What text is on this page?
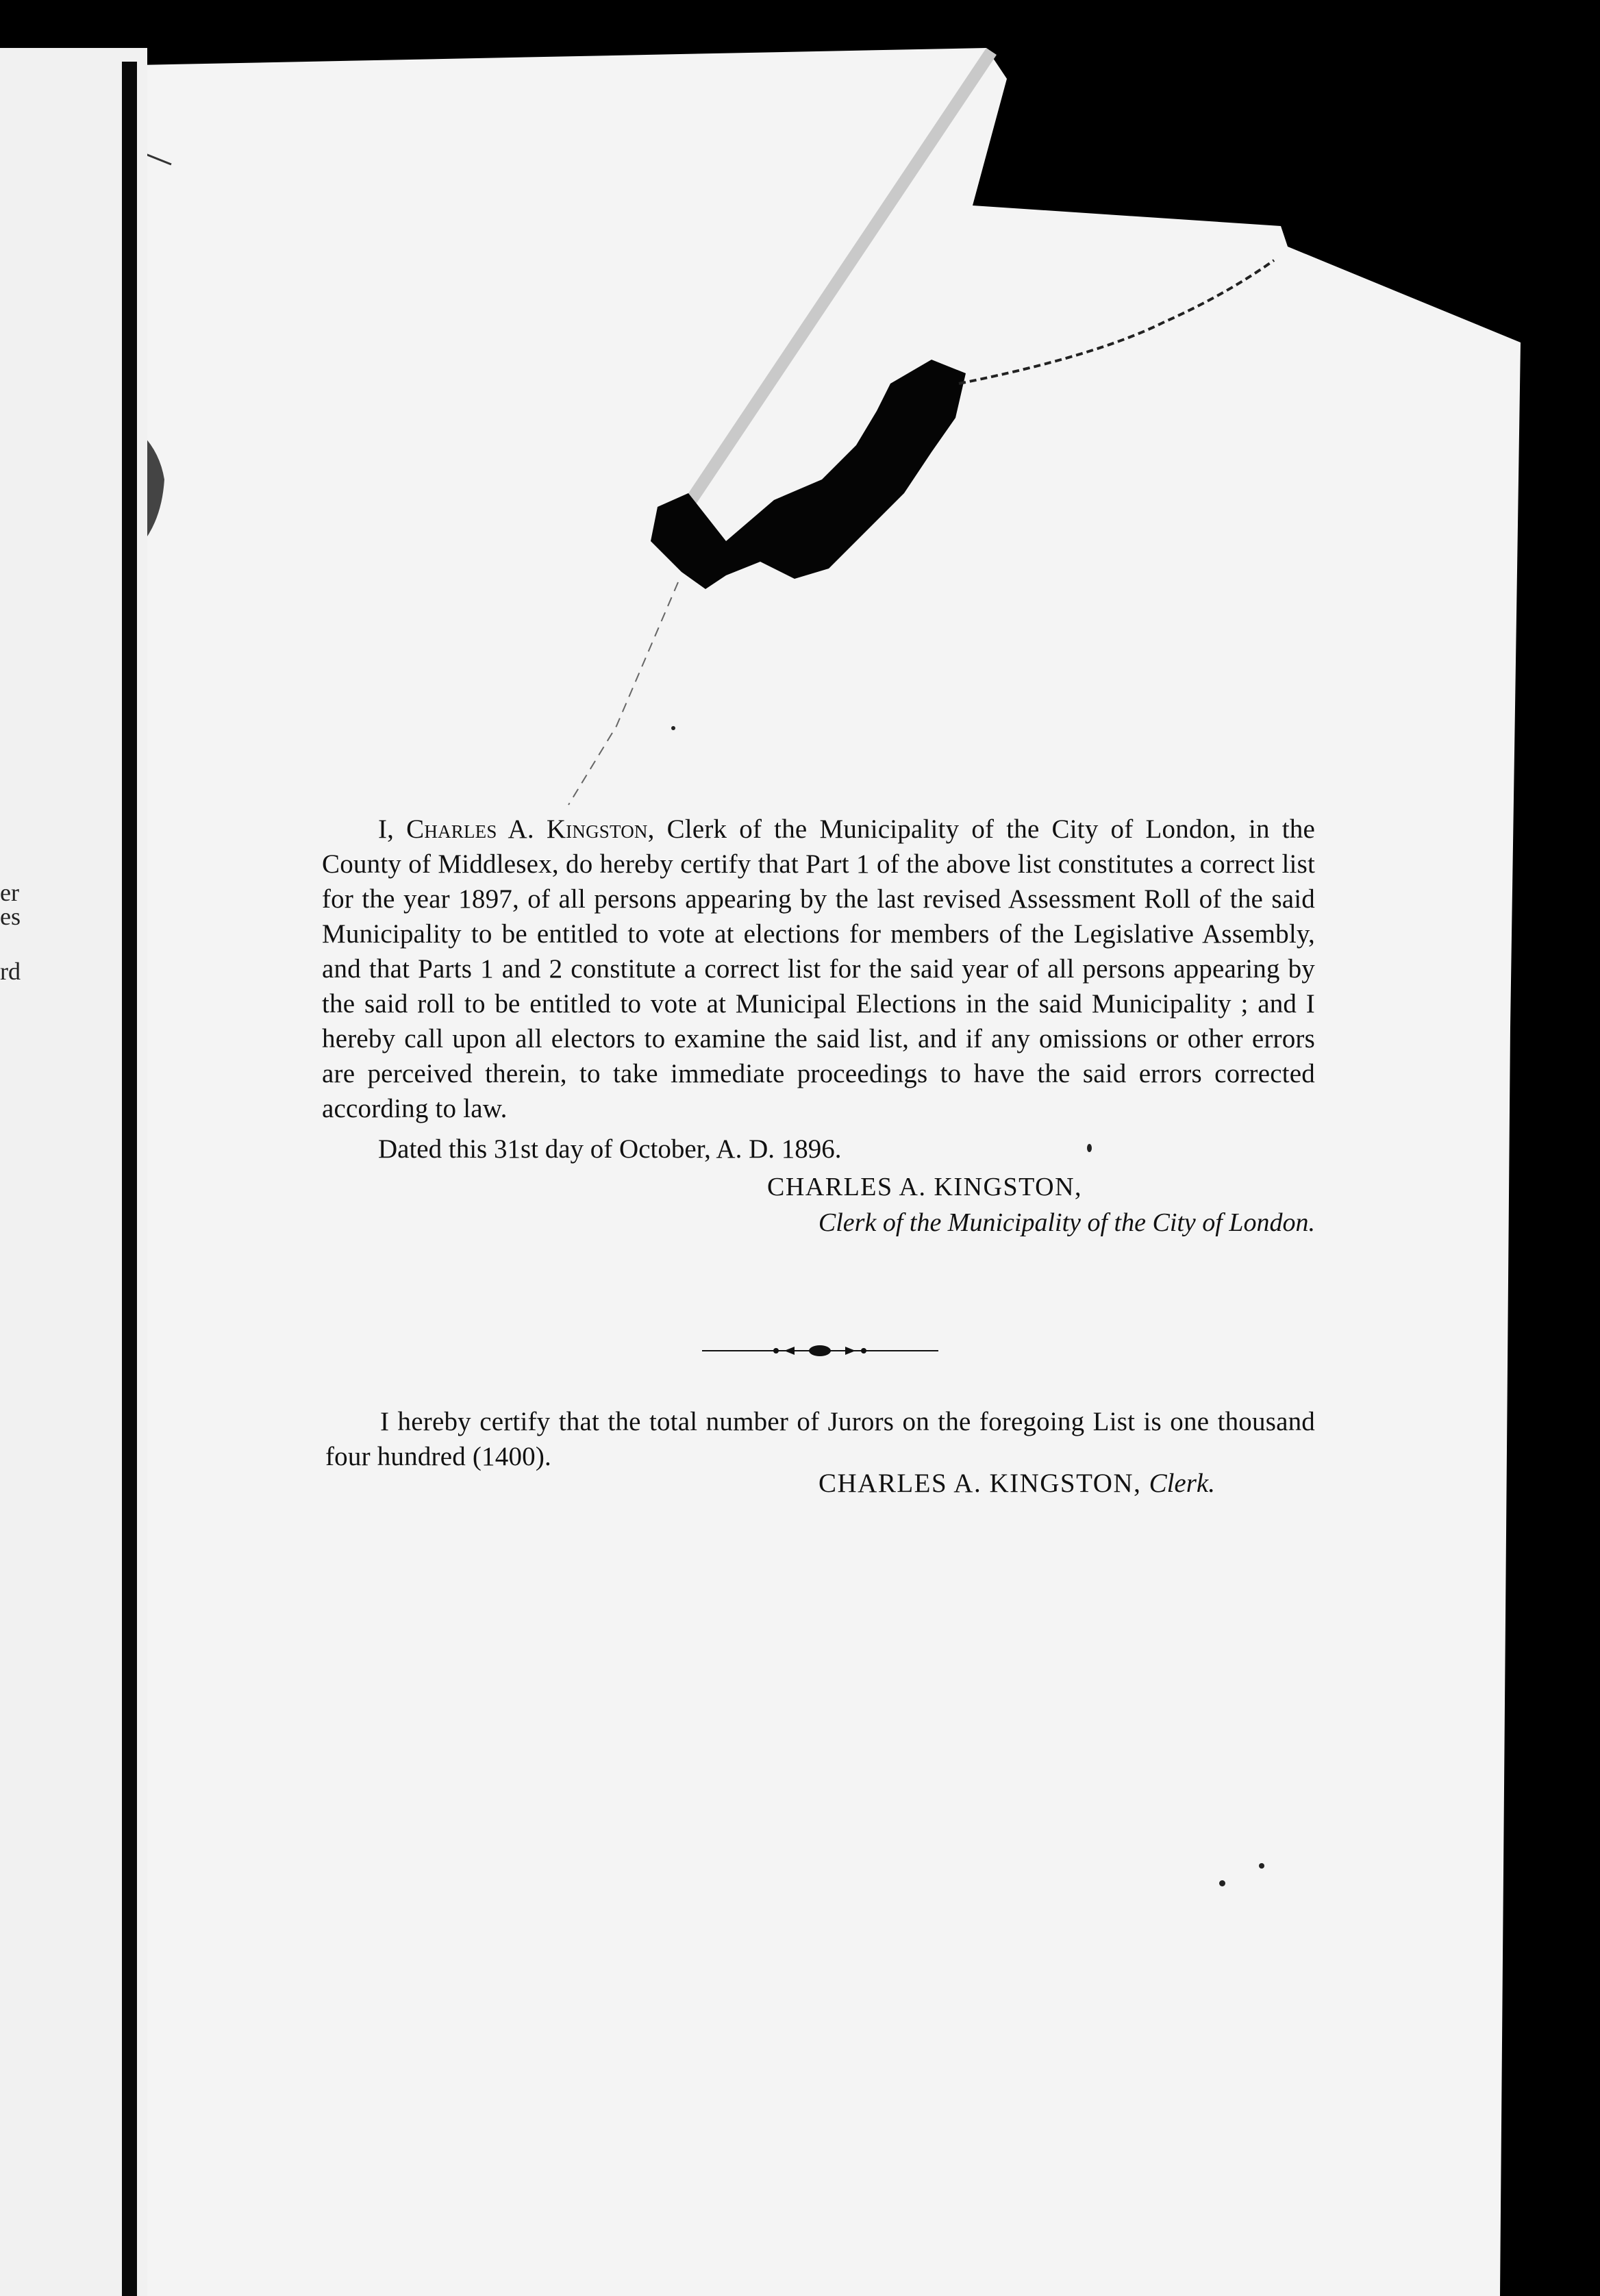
er
es
rd

I, Charles A. Kingston, Clerk of the Municipality of the City of London, in the County of Middlesex, do hereby certify that Part 1 of the above list constitutes a correct list for the year 1897, of all persons appearing by the last revised Assessment Roll of the said Municipality to be entitled to vote at elections for members of the Legislative Assembly, and that Parts 1 and 2 constitute a correct list for the said year of all persons appearing by the said roll to be entitled to vote at Municipal Elections in the said Municipality ; and I hereby call upon all electors to examine the said list, and if any omissions or other errors are perceived therein, to take immediate proceedings to have the said errors corrected according to law.

Dated this 31st day of October, A. D. 1896.

CHARLES A. KINGSTON,

Clerk of the Municipality of the City of London.

I hereby certify that the total number of Jurors on the foregoing List is one thousand four hundred (1400).

CHARLES A. KINGSTON, Clerk.
